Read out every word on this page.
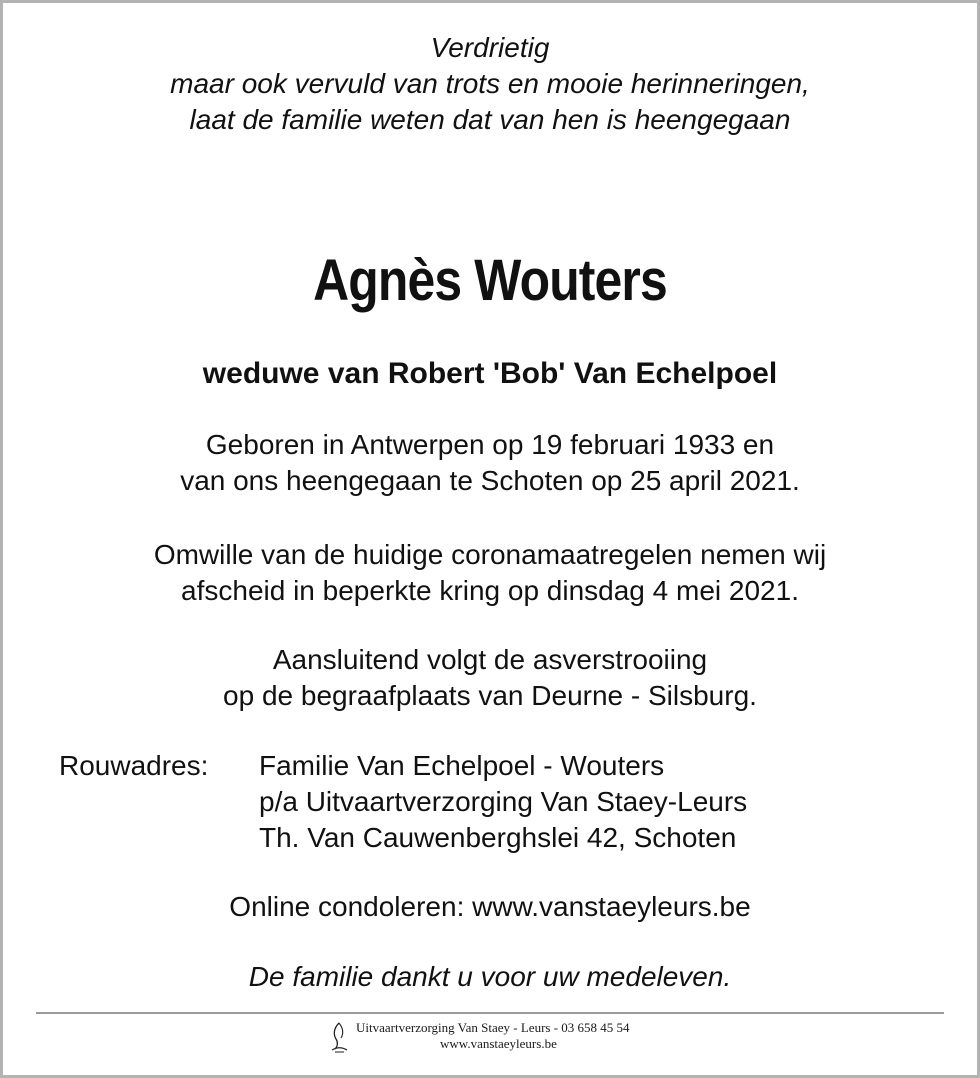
Verdrietig
maar ook vervuld van trots en mooie herinneringen,
laat de familie weten dat van hen is heengegaan
Agnès Wouters
weduwe van Robert 'Bob' Van Echelpoel
Geboren in Antwerpen op 19 februari 1933 en
van ons heengegaan te Schoten op 25 april 2021.
Omwille van de huidige coronamaatregelen nemen wij
afscheid in beperkte kring op dinsdag 4 mei 2021.
Aansluitend volgt de asverstrooiing
op de begraafplaats van Deurne - Silsburg.
Rouwadres: Familie Van Echelpoel - Wouters
p/a Uitvaartverzorging Van Staey-Leurs
Th. Van Cauwenberghslei 42, Schoten
Online condoleren: www.vanstaeyleurs.be
De familie dankt u voor uw medeleven.
Uitvaartverzorging Van Staey - Leurs - 03 658 45 54
www.vanstaeyleurs.be
